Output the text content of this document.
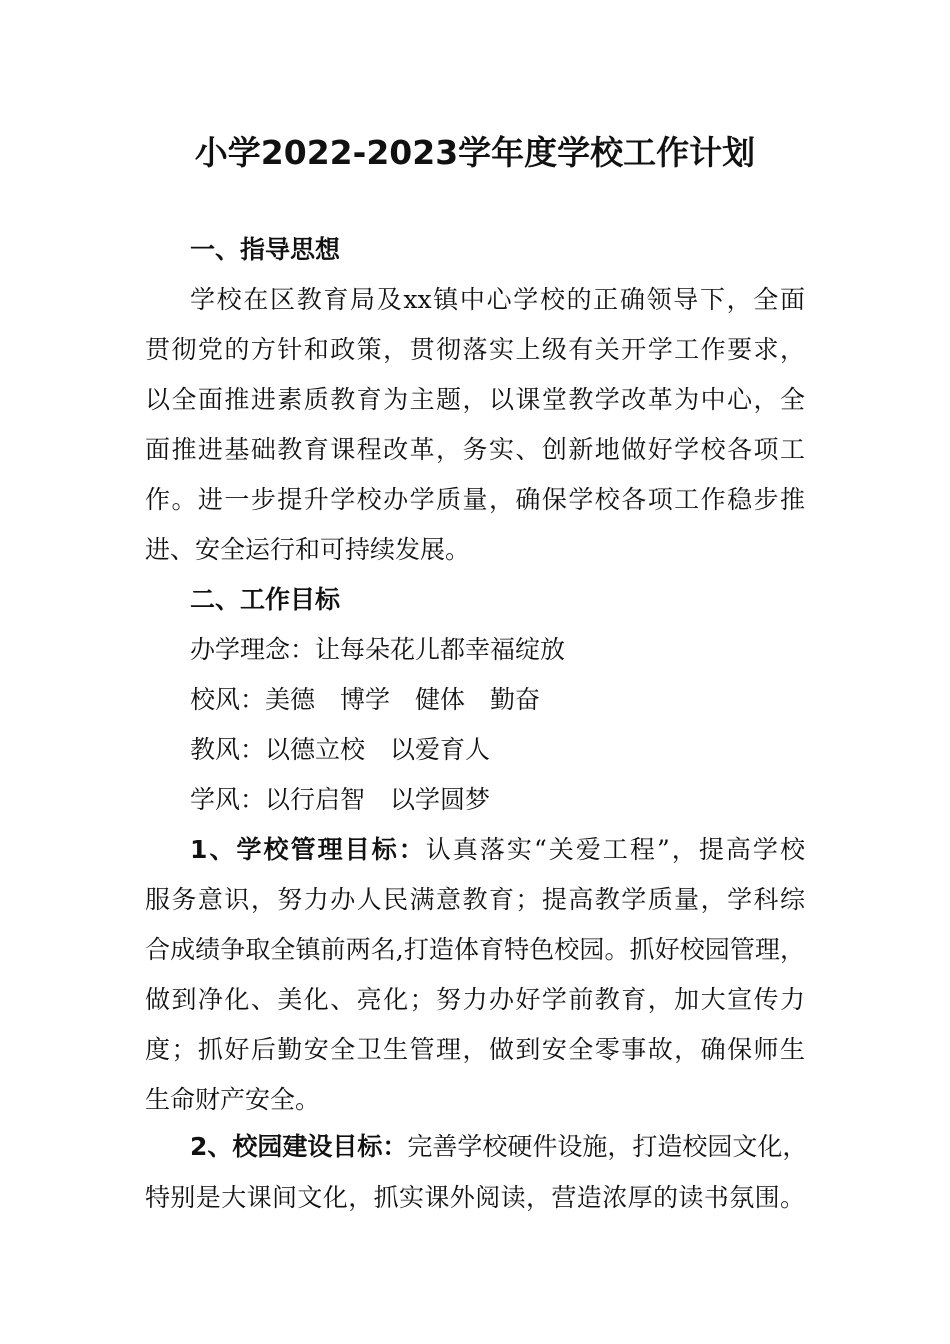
小学2022-2023学年度学校工作计划
一、指导思想
学校在区教育局及xx镇中心学校的正确领导下，全面
贯彻党的方针和政策，贯彻落实上级有关开学工作要求，
以全面推进素质教育为主题，以课堂教学改革为中心，全
面推进基础教育课程改革，务实、创新地做好学校各项工
作。进一步提升学校办学质量，确保学校各项工作稳步推
进、安全运行和可持续发展。
二、工作目标
办学理念：让每朵花儿都幸福绽放
校风：美德　博学　健体　勤奋
教风：以德立校　以爱育人
学风：以行启智　以学圆梦
1、学校管理目标：认真落实“关爱工程”，提高学校
服务意识，努力办人民满意教育；提高教学质量，学科综
合成绩争取全镇前两名,打造体育特色校园。抓好校园管理，
做到净化、美化、亮化；努力办好学前教育，加大宣传力
度；抓好后勤安全卫生管理，做到安全零事故，确保师生
生命财产安全。
2、校园建设目标：完善学校硬件设施，打造校园文化，
特别是大课间文化，抓实课外阅读，营造浓厚的读书氛围。
